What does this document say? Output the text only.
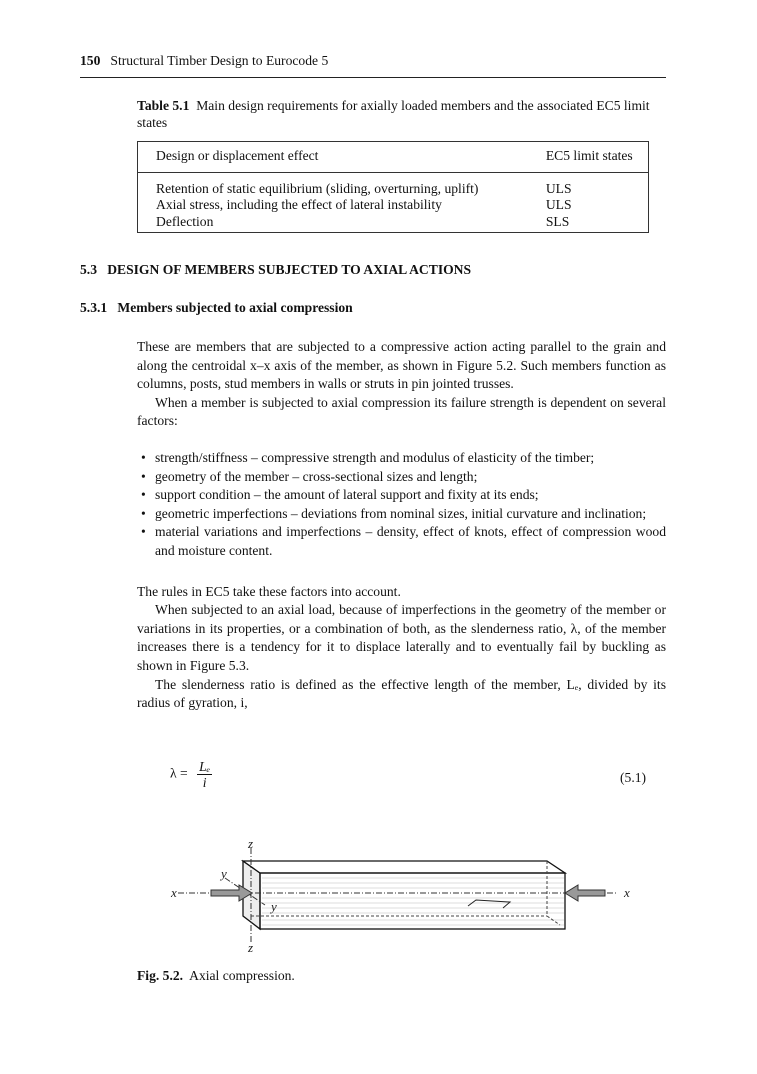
150 Structural Timber Design to Eurocode 5
Table 5.1 Main design requirements for axially loaded members and the associated EC5 limit states
Design or displacement effect	EC5 limit states
Retention of static equilibrium (sliding, overturning, uplift)	ULS
Axial stress, including the effect of lateral instability	ULS
Deflection	SLS
5.3 DESIGN OF MEMBERS SUBJECTED TO AXIAL ACTIONS
5.3.1 Members subjected to axial compression

These are members that are subjected to a compressive action acting parallel to the grain and along the centroidal x–x axis of the member, as shown in Figure 5.2. Such members function as columns, posts, stud members in walls or struts in pin jointed trusses.

When a member is subjected to axial compression its failure strength is dependent on several factors:

• strength/stiffness – compressive strength and modulus of elasticity of the timber;
• geometry of the member – cross-sectional sizes and length;
• support condition – the amount of lateral support and fixity at its ends;
• geometric imperfections – deviations from nominal sizes, initial curvature and inclination;
• material variations and imperfections – density, effect of knots, effect of compression wood and moisture content.

The rules in EC5 take these factors into account.

When subjected to an axial load, because of imperfections in the geometry of the member or variations in its properties, or a combination of both, as the slenderness ratio, λ, of the member increases there is a tendency for it to displace laterally and to eventually fail by buckling as shown in Figure 5.3.

The slenderness ratio is defined as the effective length of the member, Lₑ, divided by its radius of gyration, i,

$\lambda = \frac{\text{Lₑ}}{i}$	(5.1)
x	x
z
z
y
y
Fig. 5.2. Axial compression.
